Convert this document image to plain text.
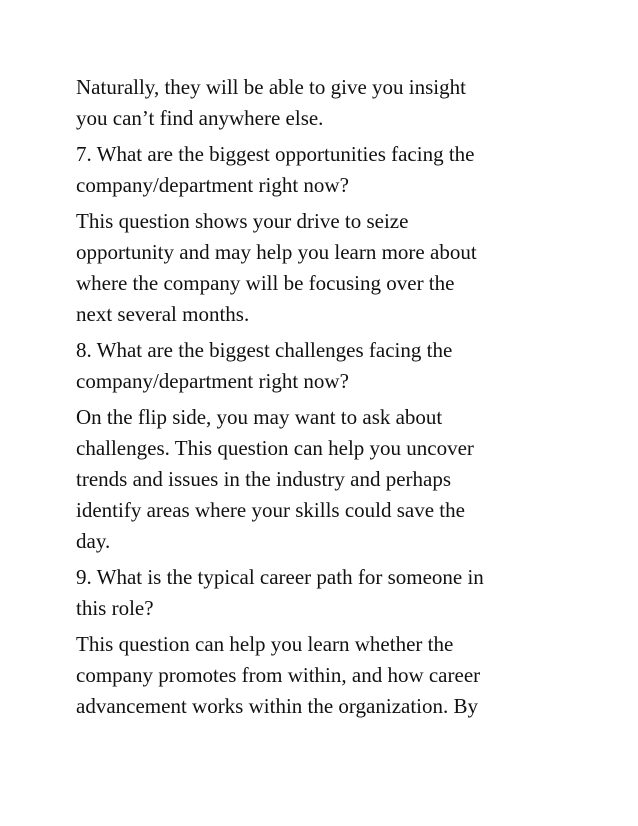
Naturally, they will be able to give you insight
you can’t find anywhere else.

7. What are the biggest opportunities facing the
company/department right now?

This question shows your drive to seize
opportunity and may help you learn more about
where the company will be focusing over the
next several months.

8. What are the biggest challenges facing the
company/department right now?

On the flip side, you may want to ask about
challenges. This question can help you uncover
trends and issues in the industry and perhaps
identify areas where your skills could save the
day.

9. What is the typical career path for someone in
this role?

This question can help you learn whether the
company promotes from within, and how career
advancement works within the organization. By
